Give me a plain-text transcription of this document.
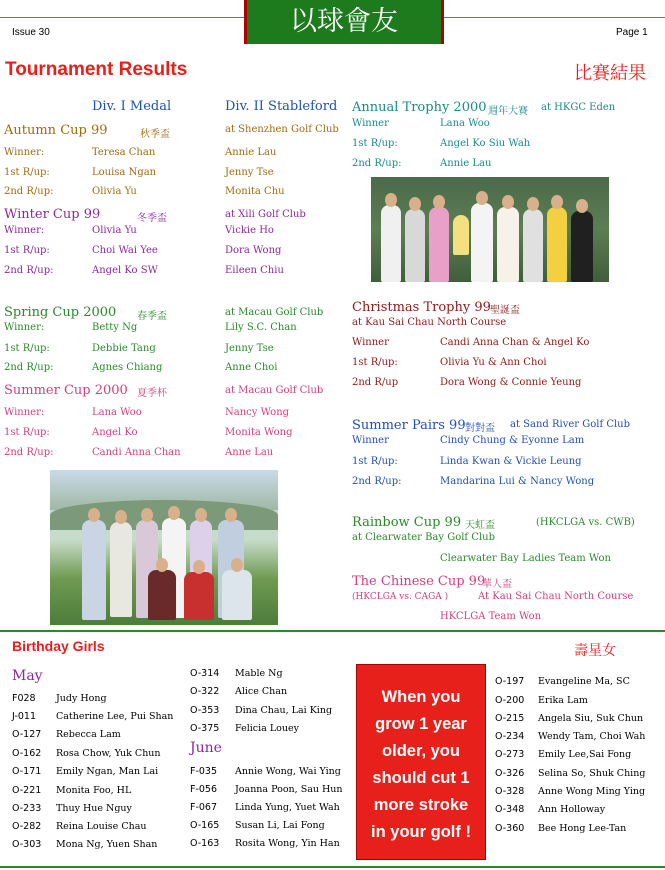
Issue 30	Page 1
以球會友
Tournament Results	比賽結果
Div. I Medal	Div. II Stableford
Autumn Cup 99	秋季盃	at Shenzhen Golf Club
Winner:	Teresa Chan	Annie Lau
1st R/up:	Louisa Ngan	Jenny Tse
2nd R/up:	Olivia Yu	Monita Chu
Winter Cup 99	冬季盃	at Xili Golf Club
Winner:	Olivia Yu	Vickie Ho
1st R/up:	Choi Wai Yee	Dora Wong
2nd R/up:	Angel Ko SW	Eileen Chiu
Spring Cup 2000 春季盃	at Macau Golf Club
Winner:	Betty Ng	Lily S.C. Chan
1st R/up:	Debbie Tang	Jenny Tse
2nd R/up:	Agnes Chiang	Anne Choi
Summer Cup 2000 夏季杯	at Macau Golf Club
Winner:	Lana Woo	Nancy Wong
1st R/up:	Angel Ko	Monita Wong
2nd R/up:	Candi Anna Chan	Anne Lau
Annual Trophy 2000 週年大賽 at HKGC Eden
Winner	Lana Woo
1st R/up:	Angel Ko Siu Wah
2nd R/up:	Annie Lau
Christmas Trophy 99 聖誕盃
at Kau Sai Chau North Course
Winner	Candi Anna Chan & Angel Ko
1st R/up:	Olivia Yu & Ann Choi
2nd R/up	Dora Wong & Connie Yeung
Summer Pairs 99 對對盃 at Sand River Golf Club
Winner	Cindy Chung & Eyonne Lam
1st R/up:	Linda Kwan & Vickie Leung
2nd R/up:	Mandarina Lui & Nancy Wong
Rainbow Cup 99 天虹盃	(HKCLGA vs. CWB)
at Clearwater Bay Golf Club
Clearwater Bay Ladies Team Won
The Chinese Cup 99
華人盃
(HKCLGA vs. CAGA )	At Kau Sai Chau North Course
HKCLGA Team Won
Birthday Girls	壽星女
May
June
F028 Judy Hong
J-011 Catherine Lee, Pui Shan
O-127 Rebecca Lam
O-162 Rosa Chow, Yuk Chun
O-171 Emily Ngan, Man Lai
O-221 Monita Foo, HL
O-233 Thuy Hue Nguy
O-282 Reina Louise Chau
O-303 Mona Ng, Yuen Shan
O-314 Mable Ng
O-322 Alice Chan
O-353 Dina Chau, Lai King
O-375 Felicia Louey
F-035 Annie Wong, Wai Ying
F-056 Joanna Poon, Sau Hun
F-067 Linda Yung, Yuet Wah
O-165 Susan Li, Lai Fong
O-163 Rosita Wong, Yin Han
When you
grow 1 year
older, you
should cut 1
more stroke
in your golf !
O-197 Evangeline Ma, SC
O-200 Erika Lam
O-215 Angela Siu, Suk Chun
O-234 Wendy Tam, Choi Wah
O-273 Emily Lee,Sai Fong
O-326 Selina So, Shuk Ching
O-328 Anne Wong Ming Ying
O-348 Ann Holloway
O-360 Bee Hong Lee-Tan
